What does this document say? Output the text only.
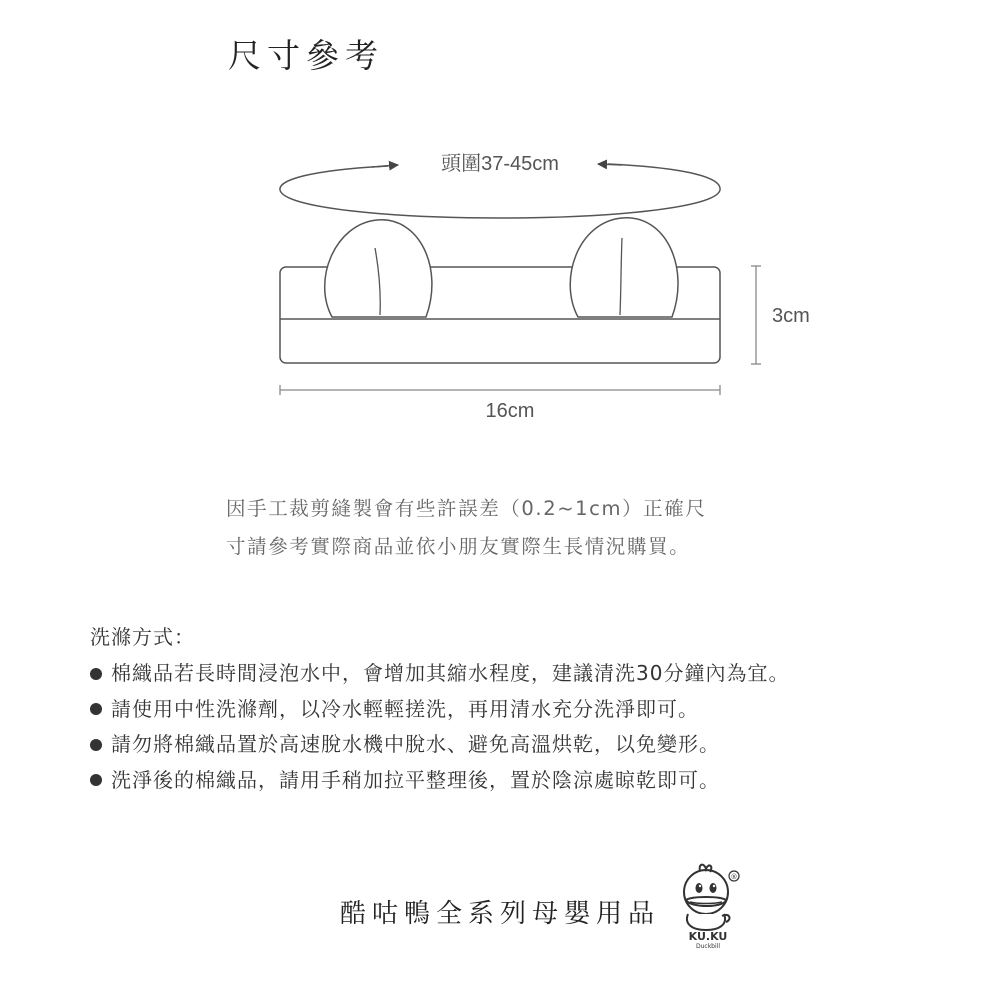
尺寸參考
頭圍37-45cm
3cm
16cm

因手工裁剪縫製會有些許誤差（0.2~1cm）正確尺

寸請參考實際商品並依小朋友實際生長情況購買。

洗滌方式：

棉織品若長時間浸泡水中，會增加其縮水程度，建議清洗30分鐘內為宜。
請使用中性洗滌劑，以冷水輕輕搓洗，再用清水充分洗淨即可。
請勿將棉織品置於高速脫水機中脫水、避免高溫烘乾，以免變形。
洗淨後的棉織品，請用手稍加拉平整理後，置於陰涼處晾乾即可。
酷咕鴨全系列母嬰用品
®
KU.KU
Duckbill
